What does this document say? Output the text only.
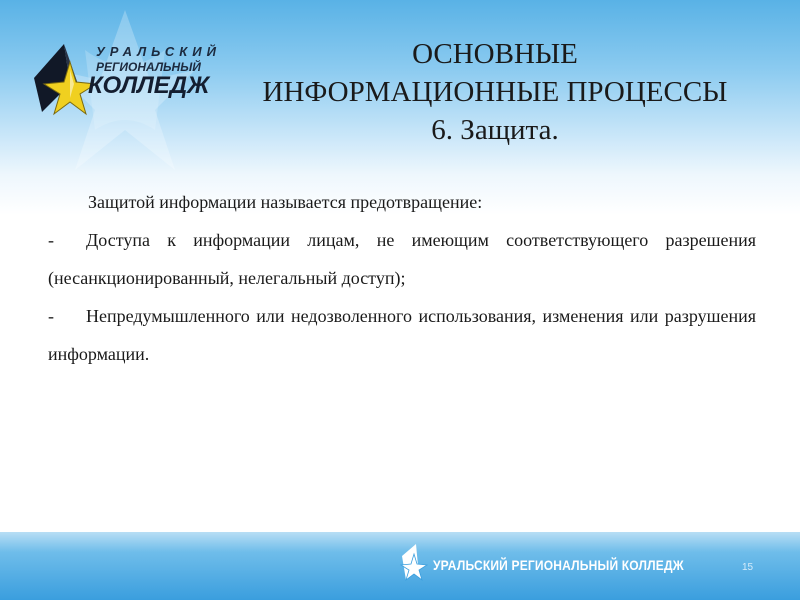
УРАЛЬСКИЙ
РЕГИОНАЛЬНЫЙ
КОЛЛЕДЖ
ОСНОВНЫЕ
ИНФОРМАЦИОННЫЕ ПРОЦЕССЫ
6. Защита.
Защитой информации называется предотвращение:
- Доступа к информации лицам, не имеющим соответствующего разрешения (несанкционированный, нелегальный доступ);
- Непредумышленного или недозволенного использования, изменения или разрушения информации.
УРАЛЬСКИЙ РЕГИОНАЛЬНЫЙ КОЛЛЕДЖ	15
